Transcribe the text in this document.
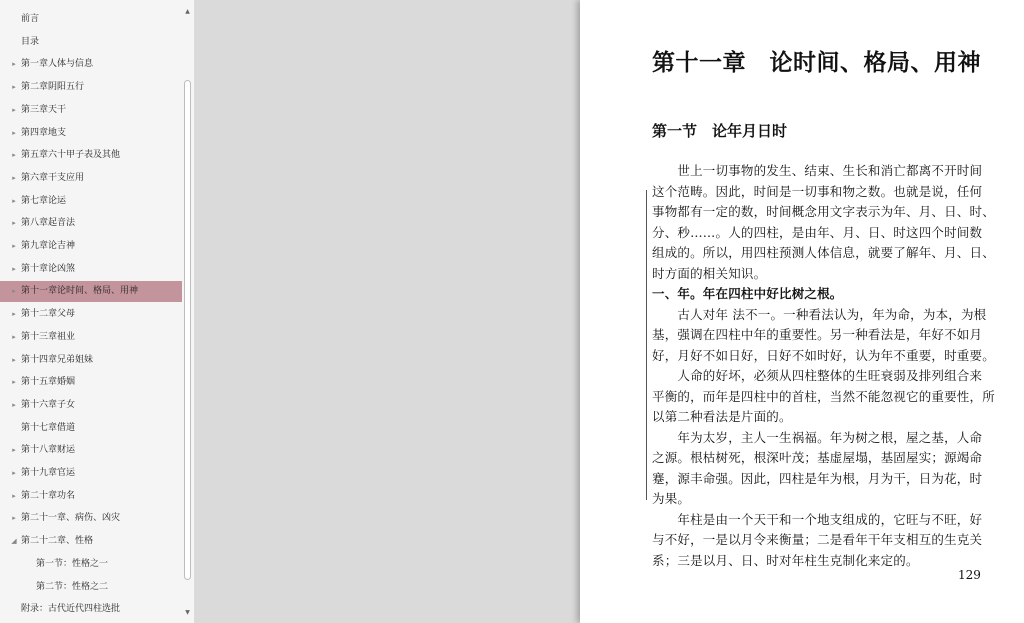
前言
目录
▸ 第一章人体与信息
▸ 第二章阴阳五行
▸ 第三章天干
▸ 第四章地支
▸ 第五章六十甲子表及其他
▸ 第六章干支应用
▸ 第七章论运
▸ 第八章起音法
▸ 第九章论吉神
▸ 第十章论凶煞
▸ 第十一章论时间、格局、用神
▸ 第十二章父母
▸ 第十三章祖业
▸ 第十四章兄弟姐妹
▸ 第十五章婚姻
▸ 第十六章子女
第十七章借道
▸ 第十八章财运
▸ 第十九章官运
▸ 第二十章功名
▸ 第二十一章、病伤、凶灾
◢ 第二十二章、性格
第一节：性格之一
第二节：性格之二
附录：古代近代四柱选批
▲
▼
第十一章　论时间、格局、用神
第一节　论年月日时
　　世上一切事物的发生、结束、生长和消亡都离不开时间
这个范畴。因此，时间是一切事和物之数。也就是说，任何
事物都有一定的数，时间概念用文字表示为年、月、日、时、
分、秒……。人的四柱，是由年、月、日、时这四个时间数
组成的。所以，用四柱预测人体信息，就要了解年、月、日、
时方面的相关知识。
一、年。年在四柱中好比树之根。
　　古人对年 法不一。一种看法认为，年为命，为本，为根
基，强调在四柱中年的重要性。另一种看法是，年好不如月
好，月好不如日好，日好不如时好，认为年不重要，时重要。
　　人命的好坏，必须从四柱整体的生旺衰弱及排列组合来
平衡的，而年是四柱中的首柱，当然不能忽视它的重要性，所
以第二种看法是片面的。
　　年为太岁，主人一生祸福。年为树之根，屋之基，人命
之源。根枯树死，根深叶茂；基虚屋塌，基固屋实；源竭命
蹇，源丰命强。因此，四柱是年为根，月为干，日为花，时
为果。
　　年柱是由一个天干和一个地支组成的，它旺与不旺，好
与不好，一是以月令来衡量；二是看年干年支相互的生克关
系；三是以月、日、时对年柱生克制化来定的。
129
